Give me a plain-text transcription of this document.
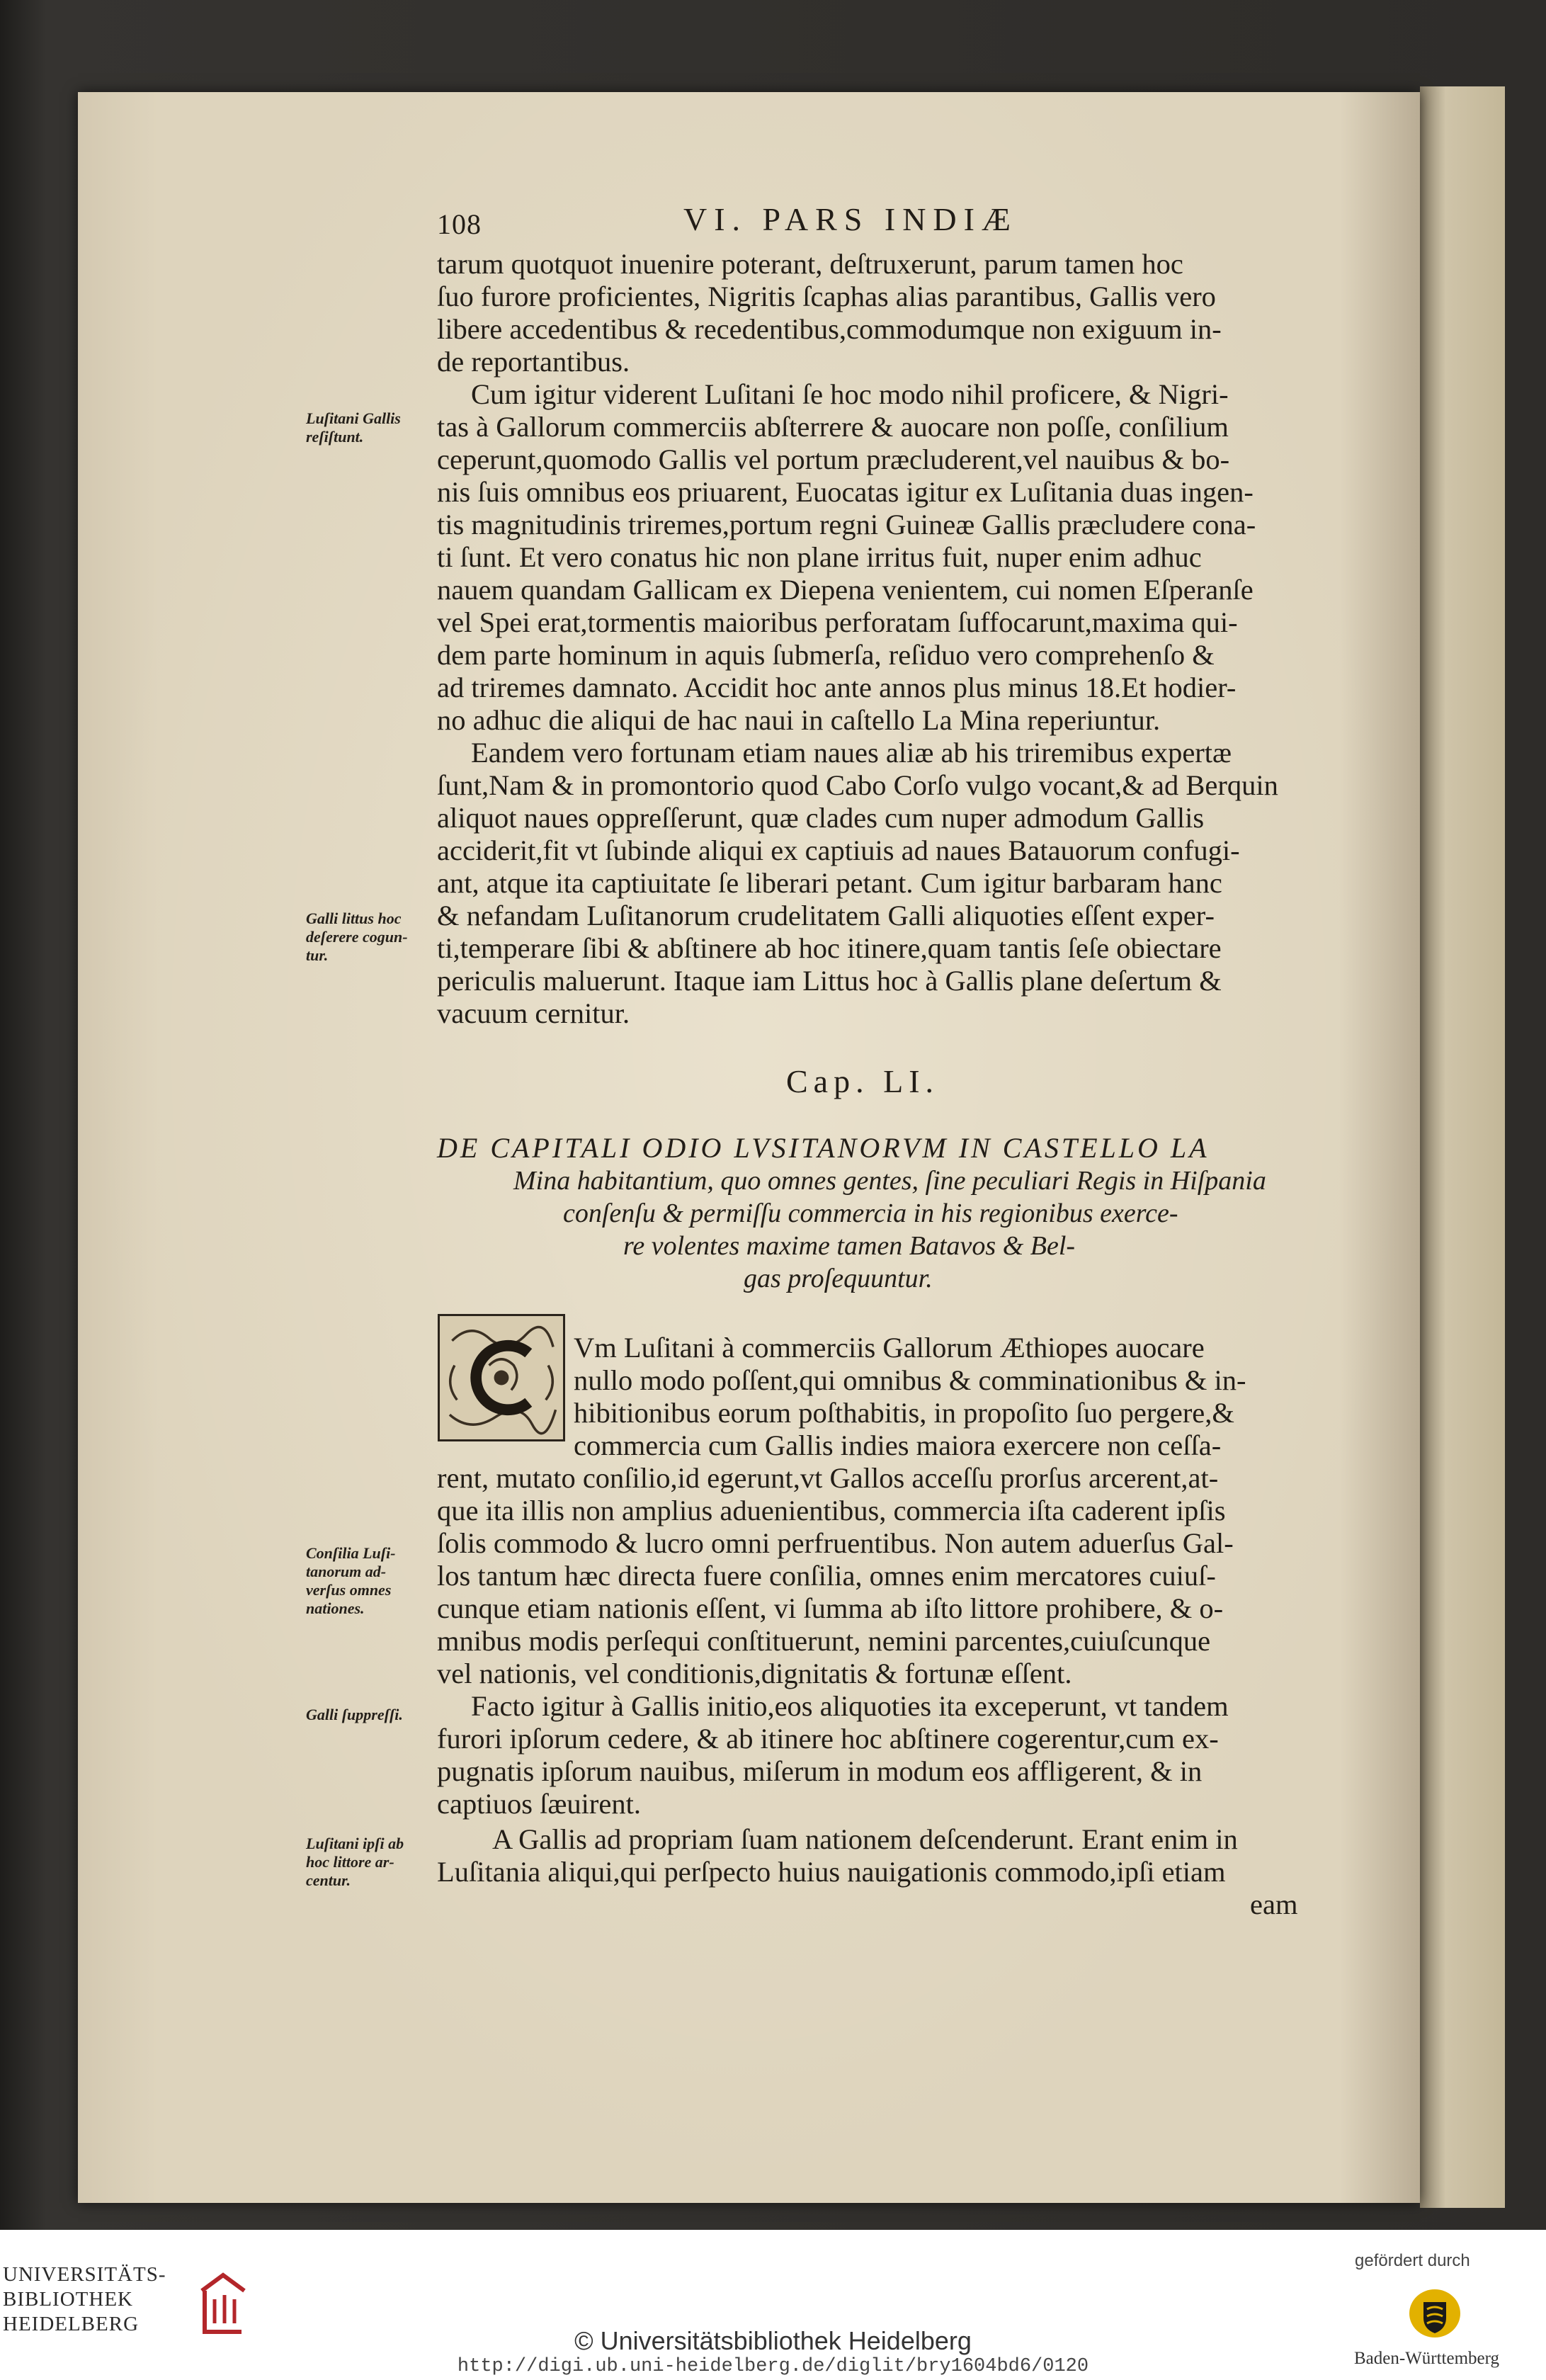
108	VI. PARS INDIÆ
tarum quotquot inuenire poterant, deſtruxerunt, parum tamen hoc
ſuo furore proficientes, Nigritis ſcaphas alias parantibus, Gallis vero
libere accedentibus & recedentibus,commodumque non exiguum in-
de reportantibus.
Cum igitur viderent Luſitani ſe hoc modo nihil proficere, & Nigri-
tas à Gallorum commerciis abſterrere & auocare non poſſe, conſilium
ceperunt,quomodo Gallis vel portum præcluderent,vel nauibus & bo-
nis ſuis omnibus eos priuarent, Euocatas igitur ex Luſitania duas ingen-
tis magnitudinis triremes,portum regni Guineæ Gallis præcludere cona-
ti ſunt. Et vero conatus hic non plane irritus fuit, nuper enim adhuc
nauem quandam Gallicam ex Diepena venientem, cui nomen Eſperanſe
vel Spei erat,tormentis maioribus perforatam ſuffocarunt,maxima qui-
dem parte hominum in aquis ſubmerſa, reſiduo vero comprehenſo &
ad triremes damnato. Accidit hoc ante annos plus minus 18.Et hodier-
no adhuc die aliqui de hac naui in caſtello La Mina reperiuntur.
Eandem vero fortunam etiam naues aliæ ab his triremibus expertæ
ſunt,Nam & in promontorio quod Cabo Corſo vulgo vocant,& ad Berquin
aliquot naues oppreſſerunt, quæ clades cum nuper admodum Gallis
acciderit,fit vt ſubinde aliqui ex captiuis ad naues Batauorum confugi-
ant, atque ita captiuitate ſe liberari petant. Cum igitur barbaram hanc
& nefandam Luſitanorum crudelitatem Galli aliquoties eſſent exper-
ti,temperare ſibi & abſtinere ab hoc itinere,quam tantis ſeſe obiectare
periculis maluerunt. Itaque iam Littus hoc à Gallis plane deſertum &
vacuum cernitur.
Luſitani Gallis
reſiſtunt.
Galli littus hoc
deſerere cogun-
tur.
Conſilia Luſi-
tanorum ad-
verſus omnes
nationes.
Galli ſuppreſſi.
Luſitani ipſi ab
hoc littore ar-
centur.
Cap. LI.
DE CAPITALI ODIO LVSITANORVM IN CASTELLO LA
Mina habitantium, quo omnes gentes, ſine peculiari Regis in Hiſpania
conſenſu & permiſſu commercia in his regionibus exerce-
re volentes maxime tamen Batavos & Bel-
gas proſequuntur.
Vm Luſitani à commerciis Gallorum Æthiopes auocare
nullo modo poſſent,qui omnibus & comminationibus & in-
hibitionibus eorum poſthabitis, in propoſito ſuo pergere,&
commercia cum Gallis indies maiora exercere non ceſſa-
rent, mutato conſilio,id egerunt,vt Gallos acceſſu prorſus arcerent,at-
que ita illis non amplius aduenientibus, commercia iſta caderent ipſis
ſolis commodo & lucro omni perfruentibus. Non autem aduerſus Gal-
los tantum hæc directa fuere conſilia, omnes enim mercatores cuiuſ-
cunque etiam nationis eſſent, vi ſumma ab iſto littore prohibere, & o-
mnibus modis perſequi conſtituerunt, nemini parcentes,cuiuſcunque
vel nationis, vel conditionis,dignitatis & fortunæ eſſent.
Facto igitur à Gallis initio,eos aliquoties ita exceperunt, vt tandem
furori ipſorum cedere, & ab itinere hoc abſtinere cogerentur,cum ex-
pugnatis ipſorum nauibus, miſerum in modum eos affligerent, & in
captiuos ſæuirent.
A Gallis ad propriam ſuam nationem deſcenderunt. Erant enim in
Luſitania aliqui,qui perſpecto huius nauigationis commodo,ipſi etiam
eam
UNIVERSITÄTS-
BIBLIOTHEK
HEIDELBERG
© Universitätsbibliothek Heidelberg
http://digi.ub.uni-heidelberg.de/diglit/bry1604bd6/0120
gefördert durch
Baden-Württemberg
